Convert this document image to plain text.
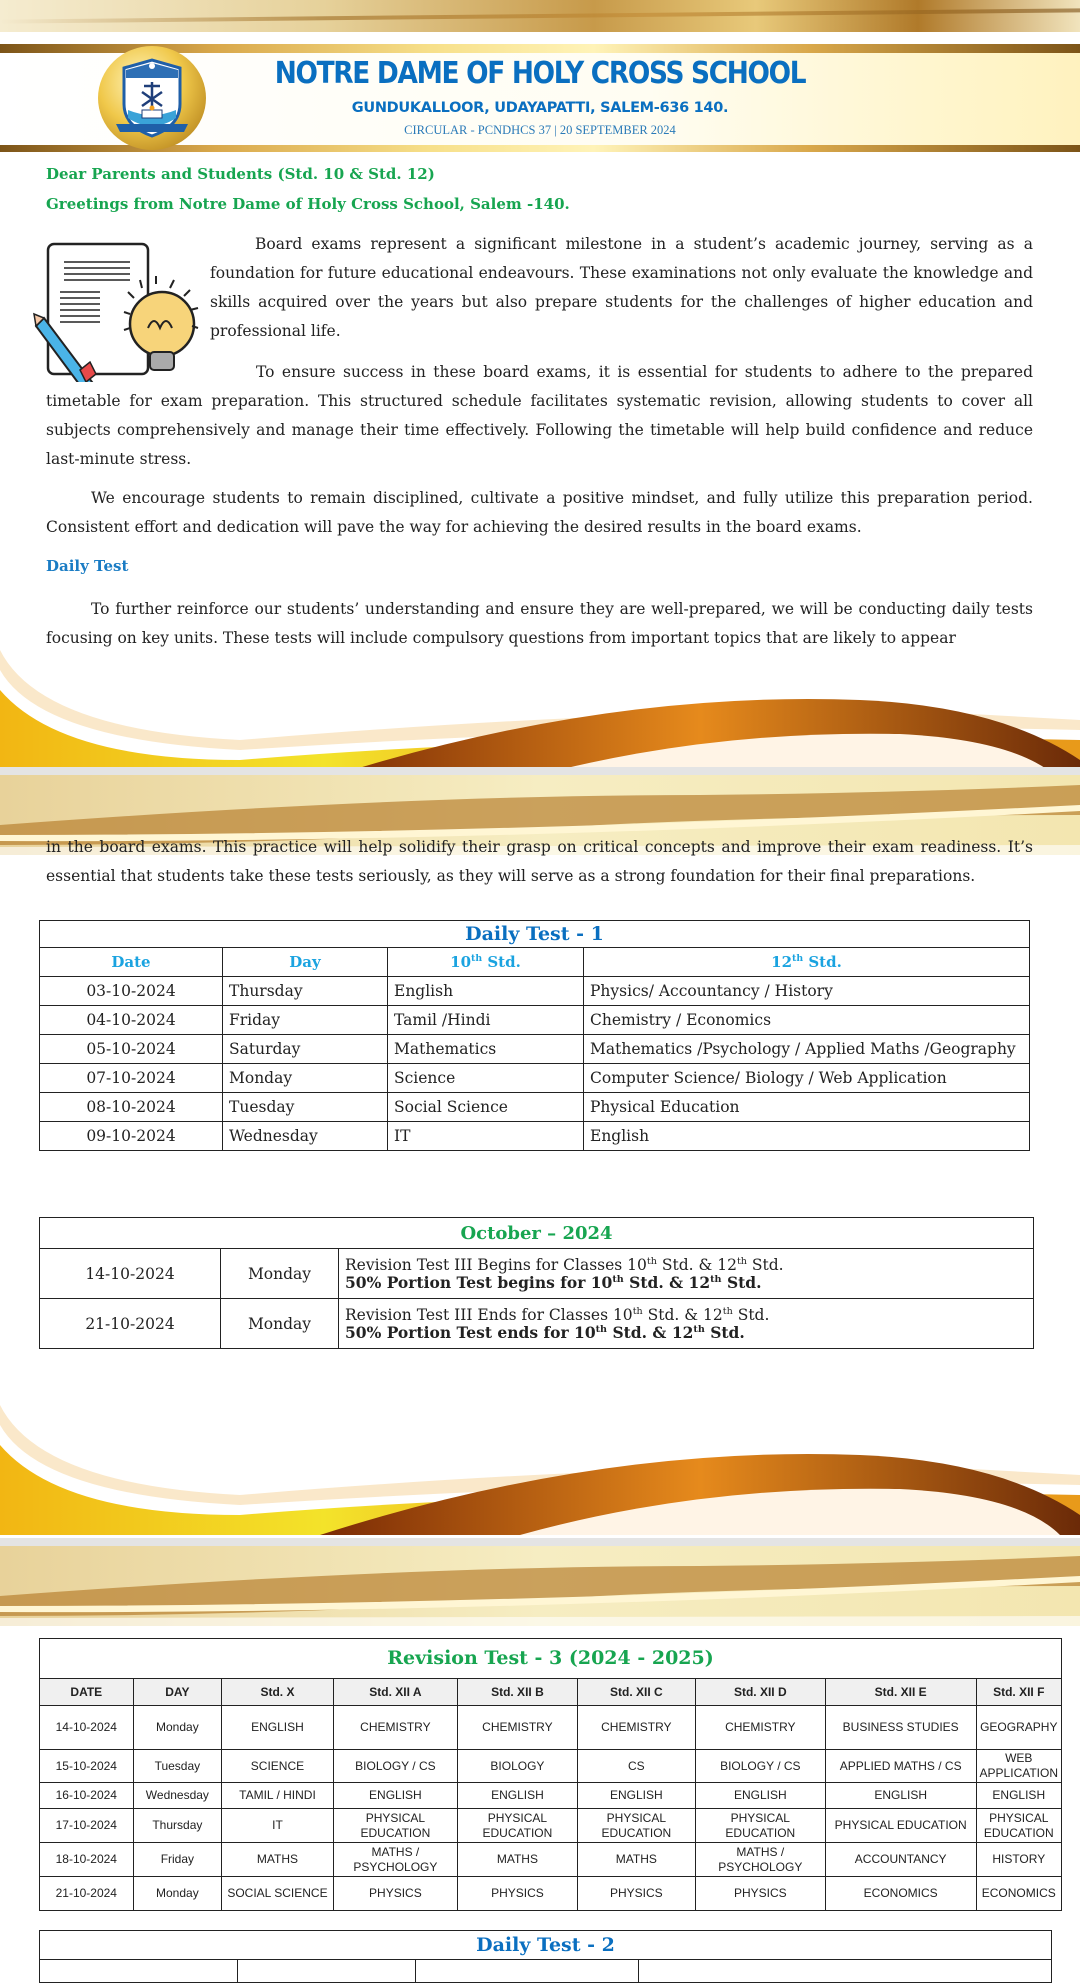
NOTRE DAME OF HOLY CROSS SCHOOL
GUNDUKALLOOR, UDAYAPATTI, SALEM-636 140.
CIRCULAR - PCNDHCS 37 | 20 SEPTEMBER 2024
Dear Parents and Students (Std. 10 & Std. 12)
Greetings from Notre Dame of Holy Cross School, Salem -140.
Board exams represent a significant milestone in a student’s academic journey, serving as a foundation for future educational endeavours. These examinations not only evaluate the knowledge and skills acquired over the years but also prepare students for the challenges of higher education and professional life.
To ensure success in these board exams, it is essential for students to adhere to the prepared timetable for exam preparation. This structured schedule facilitates systematic revision, allowing students to cover all subjects comprehensively and manage their time effectively. Following the timetable will help build confidence and reduce last-minute stress.
We encourage students to remain disciplined, cultivate a positive mindset, and fully utilize this preparation period. Consistent effort and dedication will pave the way for achieving the desired results in the board exams.
Daily Test
To further reinforce our students’ understanding and ensure they are well-prepared, we will be conducting daily tests focusing on key units. These tests will include compulsory questions from important topics that are likely to appear
in the board exams. This practice will help solidify their grasp on critical concepts and improve their exam readiness. It’s essential that students take these tests seriously, as they will serve as a strong foundation for their final preparations.
Daily Test - 1			
Date	Day	10th Std.	12th Std.
03-10-2024	Thursday	English	Physics/ Accountancy / History
04-10-2024	Friday	Tamil /Hindi	Chemistry / Economics
05-10-2024	Saturday	Mathematics	Mathematics /Psychology / Applied Maths /Geography
07-10-2024	Monday	Science	Computer Science/ Biology / Web Application
08-10-2024	Tuesday	Social Science	Physical Education
09-10-2024	Wednesday	IT	English
October – 2024		
14-10-2024	Monday	Revision Test III Begins for Classes 10th Std. & 12th Std.
50% Portion Test begins for 10th Std. & 12th Std.

21-10-2024	Monday	Revision Test III Ends for Classes 10th Std. & 12th Std.
50% Portion Test ends for 10th Std. & 12th Std.
Revision Test - 3 (2024 - 2025)								
DATE	DAY	Std. X	Std. XII A	Std. XII B	Std. XII C	Std. XII D	Std. XII E	Std. XII F
14-10-2024	Monday	ENGLISH	CHEMISTRY	CHEMISTRY	CHEMISTRY	CHEMISTRY	BUSINESS STUDIES	GEOGRAPHY
15-10-2024	Tuesday	SCIENCE	BIOLOGY / CS	BIOLOGY	CS	BIOLOGY / CS	APPLIED MATHS / CS	WEB APPLICATION
16-10-2024	Wednesday	TAMIL / HINDI	ENGLISH	ENGLISH	ENGLISH	ENGLISH	ENGLISH	ENGLISH
17-10-2024	Thursday	IT	PHYSICAL EDUCATION	PHYSICAL EDUCATION	PHYSICAL EDUCATION	PHYSICAL EDUCATION	PHYSICAL EDUCATION	PHYSICAL EDUCATION
18-10-2024	Friday	MATHS	MATHS / PSYCHOLOGY	MATHS	MATHS	MATHS / PSYCHOLOGY	ACCOUNTANCY	HISTORY
21-10-2024	Monday	SOCIAL SCIENCE	PHYSICS	PHYSICS	PHYSICS	PHYSICS	ECONOMICS	ECONOMICS
Daily Test - 2
